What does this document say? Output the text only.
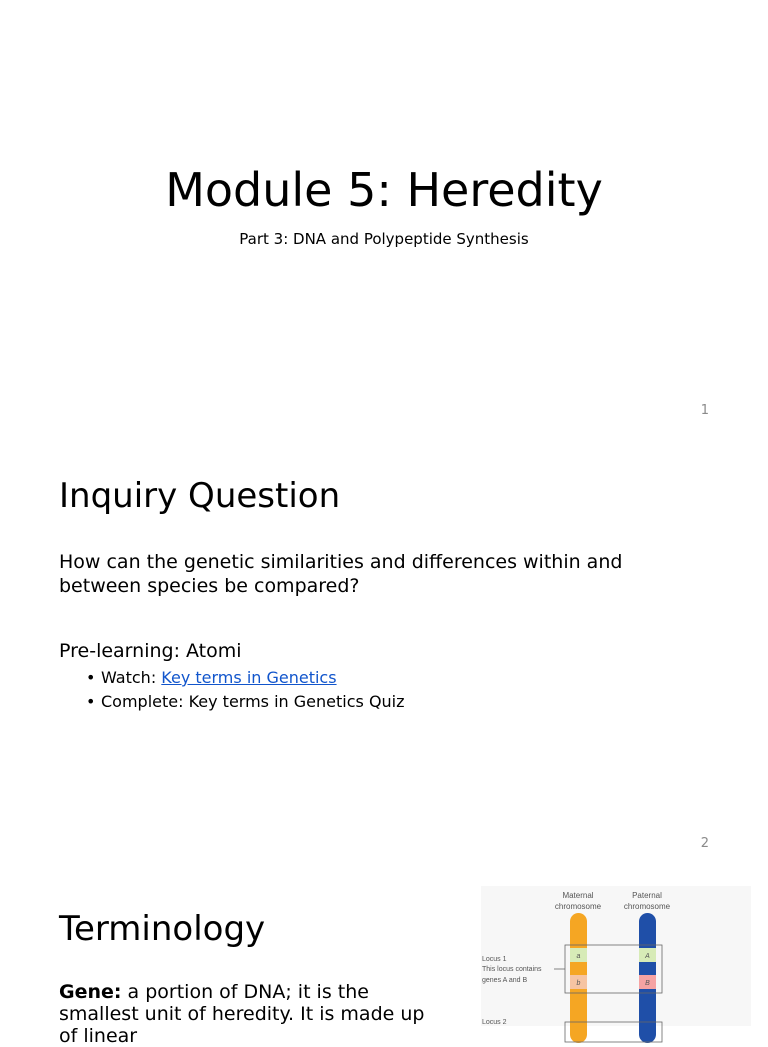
Module 5: Heredity
Part 3: DNA and Polypeptide Synthesis
1
Inquiry Question
How can the genetic similarities and differences within and between species be compared?
Pre-learning: Atomi
• Watch: Key terms in Genetics
• Complete: Key terms in Genetics Quiz
2
Terminology
Gene: a portion of DNA; it is the smallest unit of heredity. It is made up of linear
Maternal
chromosome
Paternal
chromosome
a
b
A
B
Locus 1
This locus contains
genes A and B
Locus 2
